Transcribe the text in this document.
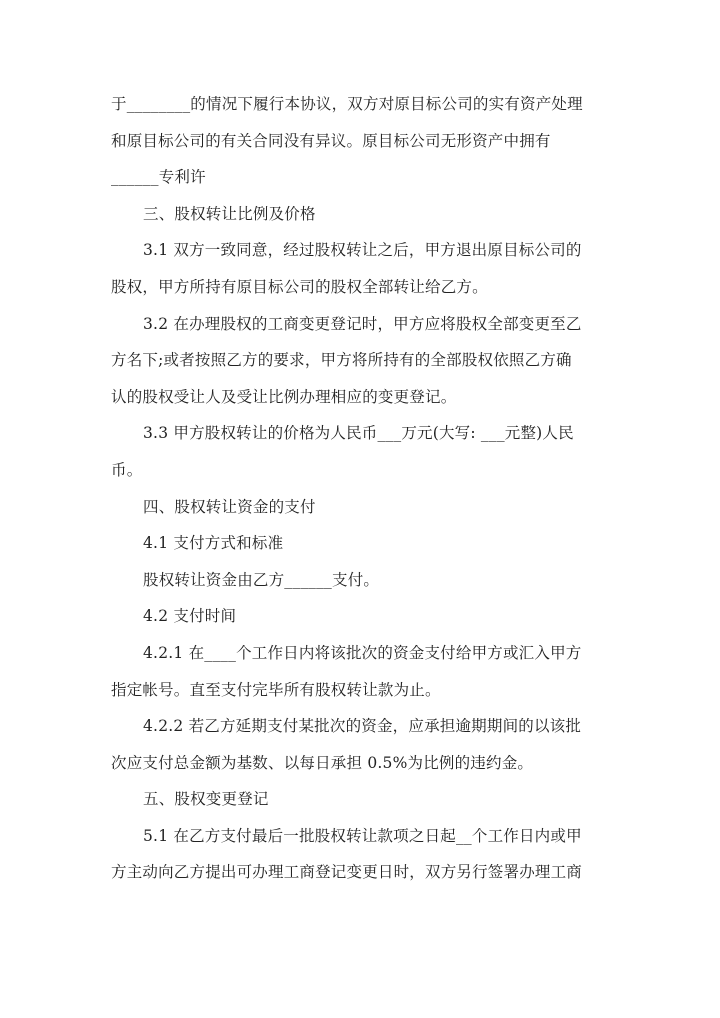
于________的情况下履行本协议，双方对原目标公司的实有资产处理
和原目标公司的有关合同没有异议。原目标公司无形资产中拥有
______专利许
三、股权转让比例及价格
3.1 双方一致同意，经过股权转让之后，甲方退出原目标公司的
股权，甲方所持有原目标公司的股权全部转让给乙方。
3.2 在办理股权的工商变更登记时，甲方应将股权全部变更至乙
方名下;或者按照乙方的要求，甲方将所持有的全部股权依照乙方确
认的股权受让人及受让比例办理相应的变更登记。
3.3 甲方股权转让的价格为人民币___万元(大写: ___元整)人民
币。
四、股权转让资金的支付
4.1 支付方式和标准
股权转让资金由乙方______支付。
4.2 支付时间
4.2.1 在____个工作日内将该批次的资金支付给甲方或汇入甲方
指定帐号。直至支付完毕所有股权转让款为止。
4.2.2 若乙方延期支付某批次的资金，应承担逾期期间的以该批
次应支付总金额为基数、以每日承担 0.5%为比例的违约金。
五、股权变更登记
5.1 在乙方支付最后一批股权转让款项之日起__个工作日内或甲
方主动向乙方提出可办理工商登记变更日时，双方另行签署办理工商
